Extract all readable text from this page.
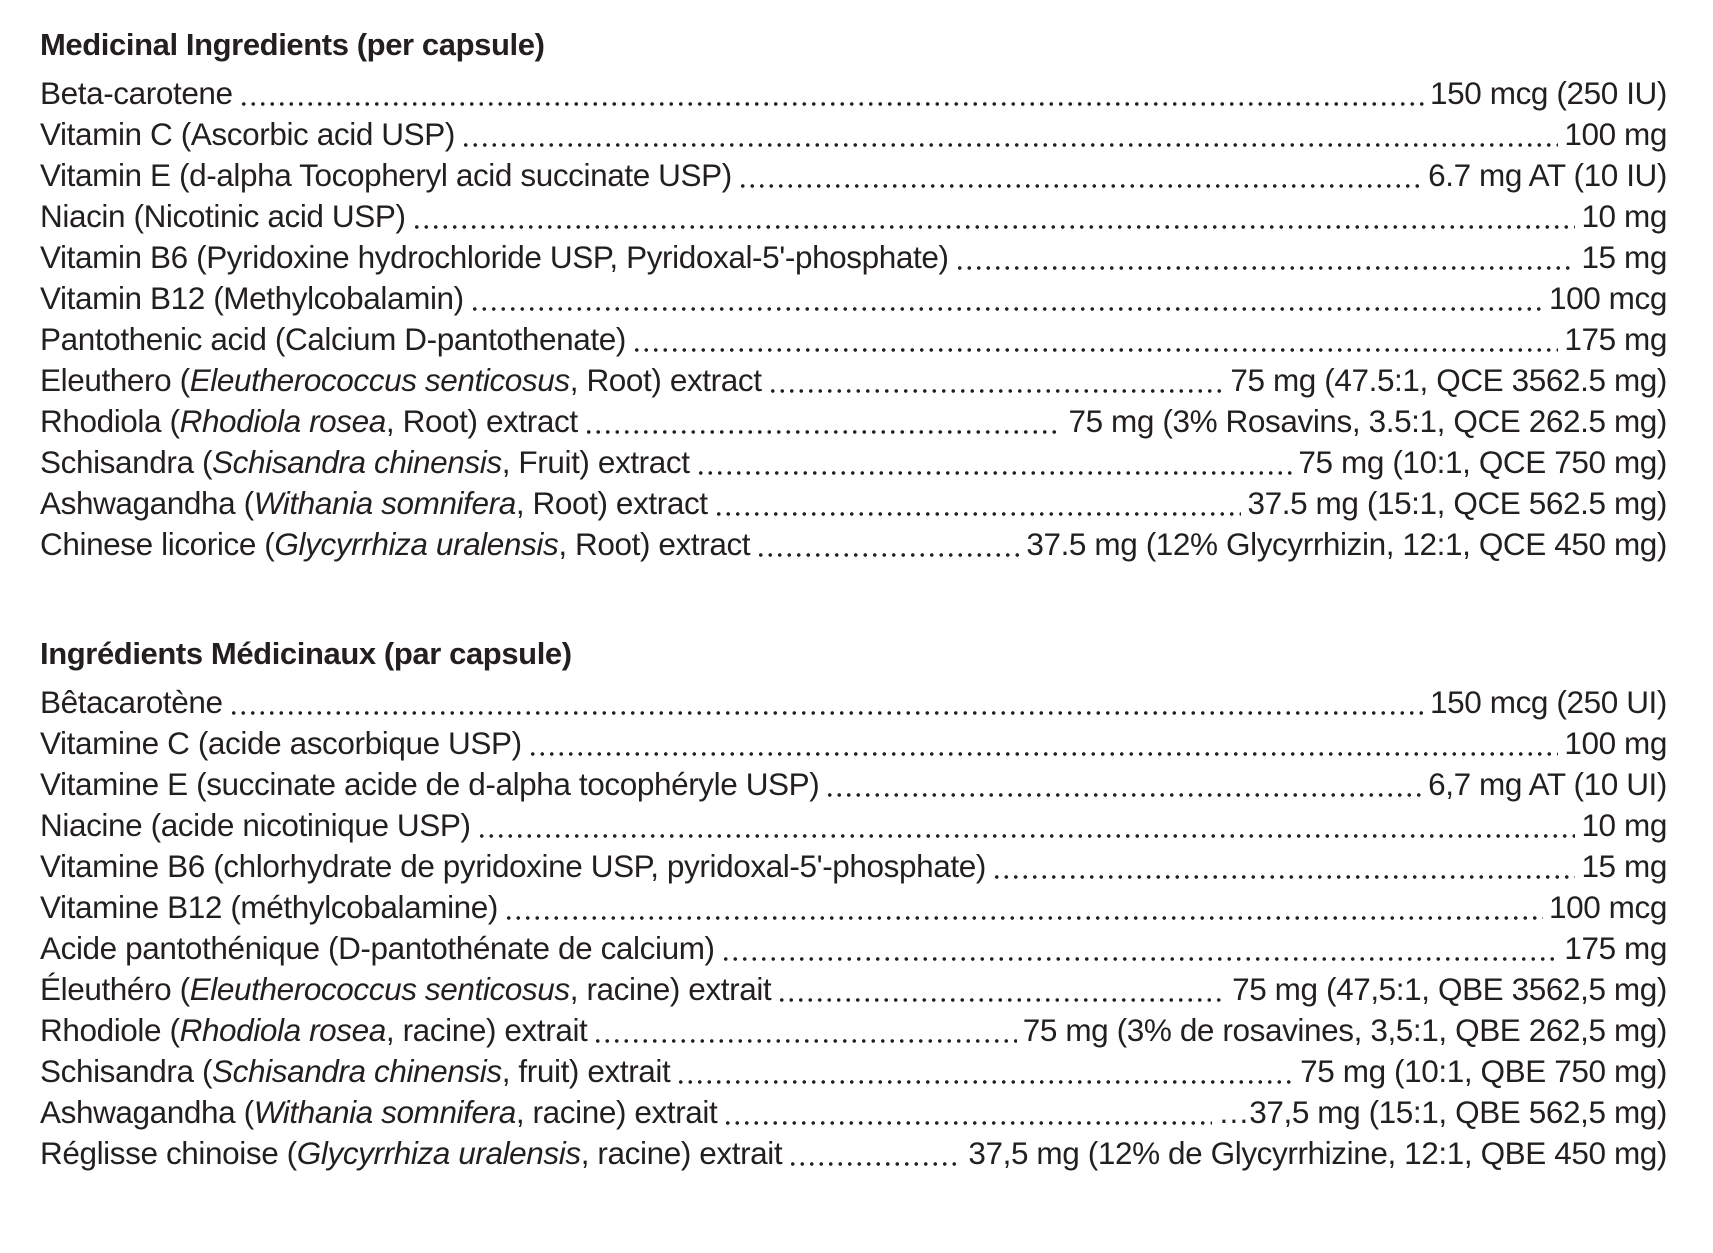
Medicinal Ingredients (per capsule)
Beta-carotene	150 mcg (250 IU)
Vitamin C (Ascorbic acid USP)	100 mg
Vitamin E (d-alpha Tocopheryl acid succinate USP)	6.7 mg AT (10 IU)
Niacin (Nicotinic acid USP)	10 mg
Vitamin B6 (Pyridoxine hydrochloride USP, Pyridoxal-5'-phosphate)	15 mg
Vitamin B12 (Methylcobalamin)	100 mcg
Pantothenic acid (Calcium D-pantothenate)	175 mg
Eleuthero (Eleutherococcus senticosus, Root) extract	75 mg (47.5:1, QCE 3562.5 mg)
Rhodiola (Rhodiola rosea, Root) extract	75 mg (3% Rosavins, 3.5:1, QCE 262.5 mg)
Schisandra (Schisandra chinensis, Fruit) extract	75 mg (10:1, QCE 750 mg)
Ashwagandha (Withania somnifera, Root) extract	37.5 mg (15:1, QCE 562.5 mg)
Chinese licorice (Glycyrrhiza uralensis, Root) extract	37.5 mg (12% Glycyrrhizin, 12:1, QCE 450 mg)
Ingrédients Médicinaux (par capsule)
Bêtacarotène	150 mcg (250 UI)
Vitamine C (acide ascorbique USP)	100 mg
Vitamine E (succinate acide de d-alpha tocophéryle USP)	6,7 mg AT (10 UI)
Niacine (acide nicotinique USP)	10 mg
Vitamine B6 (chlorhydrate de pyridoxine USP, pyridoxal-5'-phosphate)	15 mg
Vitamine B12 (méthylcobalamine)	100 mcg
Acide pantothénique (D-pantothénate de calcium)	175 mg
Éleuthéro (Eleutherococcus senticosus, racine) extrait	75 mg (47,5:1, QBE 3562,5 mg)
Rhodiole (Rhodiola rosea, racine) extrait	75 mg (3% de rosavines, 3,5:1, QBE 262,5 mg)
Schisandra (Schisandra chinensis, fruit) extrait	75 mg (10:1, QBE 750 mg)
Ashwagandha (Withania somnifera, racine) extrait	…37,5 mg (15:1, QBE 562,5 mg)
Réglisse chinoise (Glycyrrhiza uralensis, racine) extrait	37,5 mg (12% de Glycyrrhizine, 12:1, QBE 450 mg)
